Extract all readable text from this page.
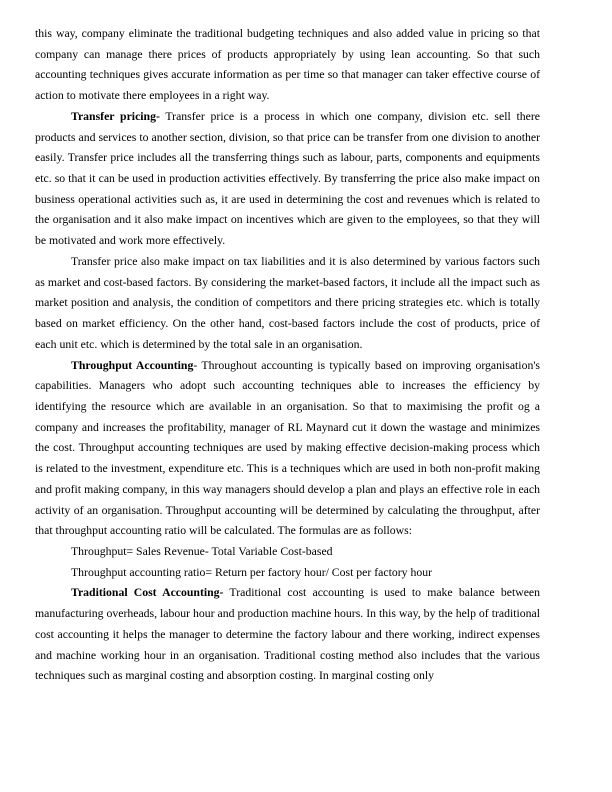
this way, company eliminate the traditional budgeting techniques and also added value in pricing so that company can manage there prices of products appropriately by using lean accounting. So that such accounting techniques gives accurate information as per time so that manager can taker effective course of action to motivate there employees in a right way.

Transfer pricing- Transfer price is a process in which one company, division etc. sell there products and services to another section, division, so that price can be transfer from one division to another easily. Transfer price includes all the transferring things such as labour, parts, components and equipments etc. so that it can be used in production activities effectively. By transferring the price also make impact on business operational activities such as, it are used in determining the cost and revenues which is related to the organisation and it also make impact on incentives which are given to the employees, so that they will be motivated and work more effectively.

Transfer price also make impact on tax liabilities and it is also determined by various factors such as market and cost-based factors. By considering the market-based factors, it include all the impact such as market position and analysis, the condition of competitors and there pricing strategies etc. which is totally based on market efficiency. On the other hand, cost-based factors include the cost of products, price of each unit etc. which is determined by the total sale in an organisation.

Throughput Accounting- Throughout accounting is typically based on improving organisation's capabilities. Managers who adopt such accounting techniques able to increases the efficiency by identifying the resource which are available in an organisation. So that to maximising the profit og a company and increases the profitability, manager of RL Maynard cut it down the wastage and minimizes the cost. Throughput accounting techniques are used by making effective decision-making process which is related to the investment, expenditure etc. This is a techniques which are used in both non-profit making and profit making company, in this way managers should develop a plan and plays an effective role in each activity of an organisation. Throughput accounting will be determined by calculating the throughput, after that throughput accounting ratio will be calculated. The formulas are as follows:

Throughput= Sales Revenue- Total Variable Cost-based

Throughput accounting ratio= Return per factory hour/ Cost per factory hour

Traditional Cost Accounting- Traditional cost accounting is used to make balance between manufacturing overheads, labour hour and production machine hours. In this way, by the help of traditional cost accounting it helps the manager to determine the factory labour and there working, indirect expenses and machine working hour in an organisation. Traditional costing method also includes that the various techniques such as marginal costing and absorption costing. In marginal costing only
